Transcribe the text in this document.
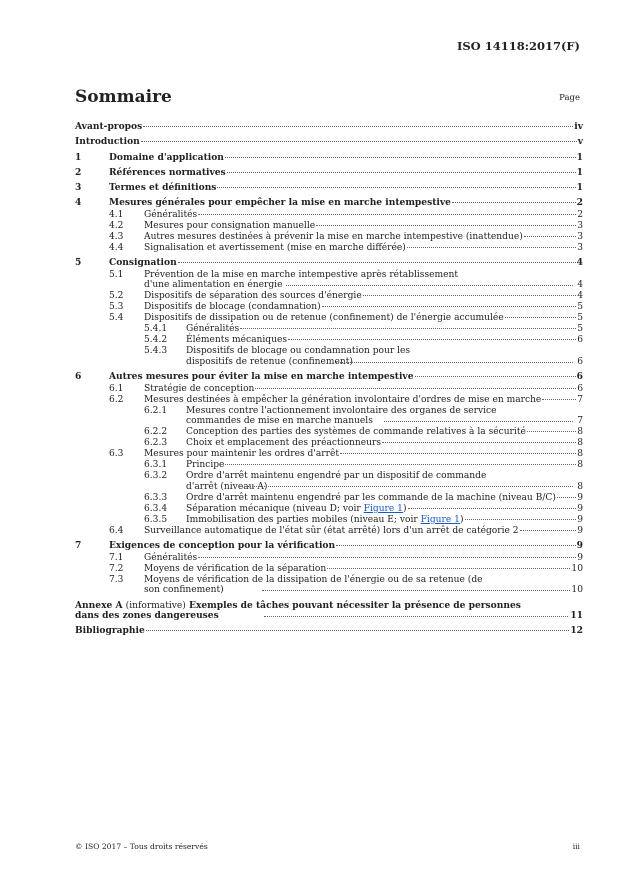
ISO 14118:2017(F)
Sommaire	Page
Avant-propos	iv
Introduction	v
1	Domaine d'application	1
2	Références normatives	1
3	Termes et définitions	1
4	Mesures générales pour empêcher la mise en marche intempestive	2
4.1 Généralités	2
4.2 Mesures pour consignation manuelle	3
4.3 Autres mesures destinées à prévenir la mise en marche intempestive (inattendue)	3
4.4 Signalisation et avertissement (mise en marche différée)	3
5	Consignation	4
5.1 Prévention de la mise en marche intempestive après rétablissement d'une alimentation en énergie	4
5.2 Dispositifs de séparation des sources d'énergie	4
5.3 Dispositifs de blocage (condamnation)	5
5.4 Dispositifs de dissipation ou de retenue (confinement) de l'énergie accumulée	5
5.4.1 Généralités	5
5.4.2 Éléments mécaniques	6
5.4.3 Dispositifs de blocage ou condamnation pour les dispositifs de retenue (confinement)	6
6	Autres mesures pour éviter la mise en marche intempestive	6
6.1 Stratégie de conception	6
6.2 Mesures destinées à empêcher la génération involontaire d'ordres de mise en marche	7
6.2.1 Mesures contre l'actionnement involontaire des organes de service commandes de mise en marche manuels	7
6.2.2 Conception des parties des systèmes de commande relatives à la sécurité	8
6.2.3 Choix et emplacement des préactionneurs	8
6.3 Mesures pour maintenir les ordres d'arrêt	8
6.3.1 Principe	8
6.3.2 Ordre d'arrêt maintenu engendré par un dispositif de commande d'arrêt (niveau A)	8
6.3.3 Ordre d'arrêt maintenu engendré par les commande de la machine (niveau B/C) 9
6.3.4 Séparation mécanique (niveau D; voir Figure 1)	9
6.3.5 Immobilisation des parties mobiles (niveau E; voir Figure 1)	9
6.4 Surveillance automatique de l'état sûr (état arrêté) lors d'un arrêt de catégorie 2	9
7	Exigences de conception pour la vérification	9
7.1 Généralités	9
7.2 Moyens de vérification de la séparation	10
7.3 Moyens de vérification de la dissipation de l'énergie ou de sa retenue (de son confinement)	10
Annexe A (informative) Exemples de tâches pouvant nécessiter la présence de personnes dans des zones dangereuses	11
Bibliographie	12
© ISO 2017 – Tous droits réservés	iii
